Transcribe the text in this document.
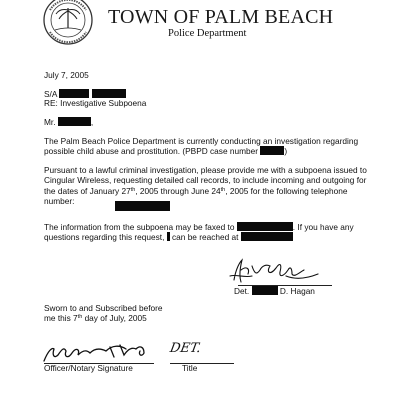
TOWN OF PALM BEACH
Police Department
July 7, 2005
S/A
RE: Investigative Subpoena
Mr.	,
The Palm Beach Police Department is currently conducting an investigation regarding
possible child abuse and prostitution. (PBPD case number	)
Pursuant to a lawful criminal investigation, please provide me with a subpoena issued to
Cingular Wireless, requesting detailed call records, to include incoming and outgoing for
the dates of January 27th, 2005 through June 24th, 2005 for the following telephone
number:
The information from the subpoena may be faxed to	. If you have any
questions regarding this request, can be reached at
Det.	D. Hagan
Sworn to and Subscribed before
me this 7th day of July, 2005
Officer/Notary Signature
DET.
Title
